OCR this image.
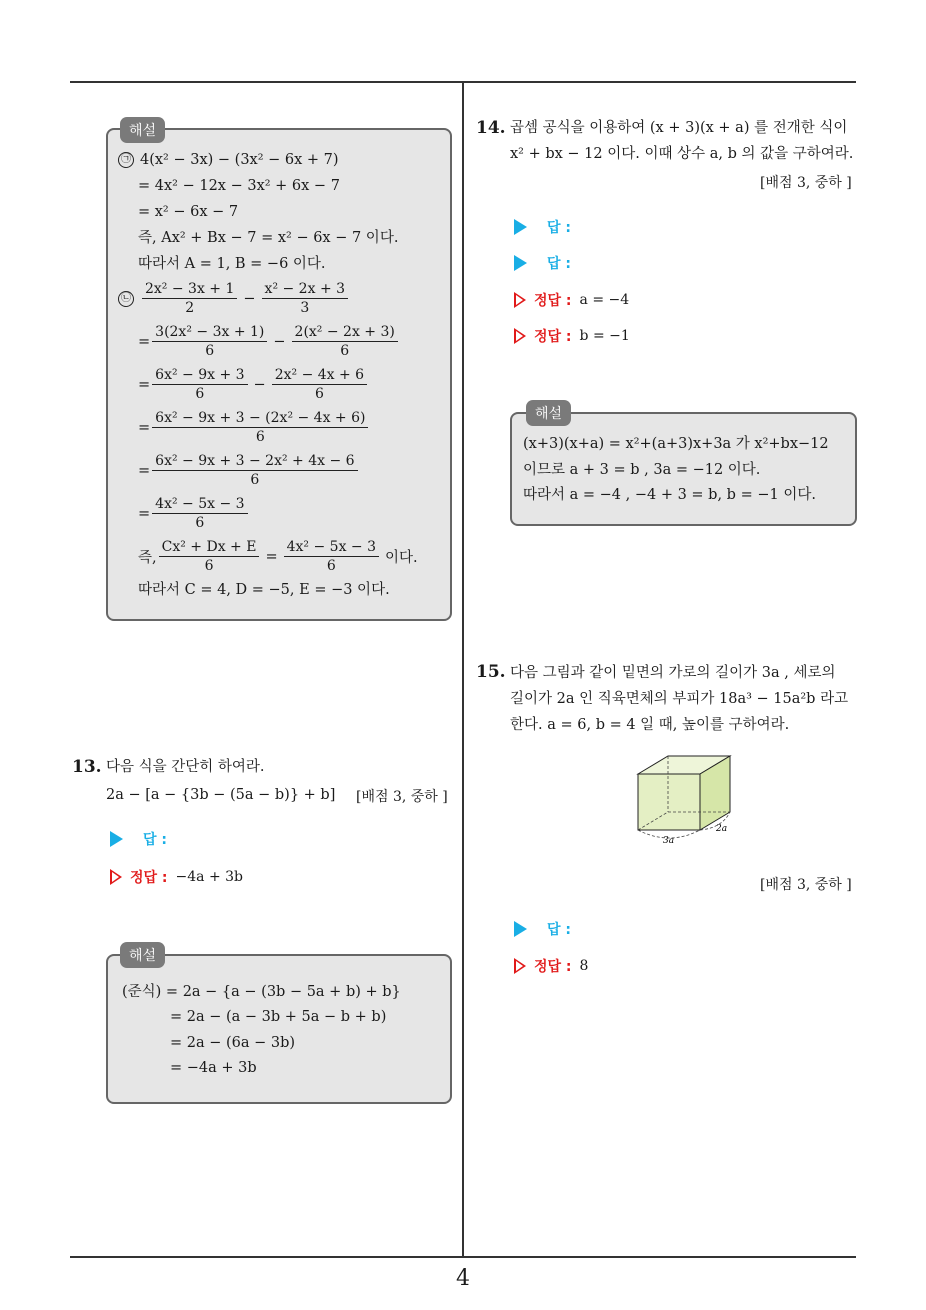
해설
㉠ 4(x² − 3x) − (3x² − 6x + 7)
= 4x² − 12x − 3x² + 6x − 7
= x² − 6x − 7
즉, Ax² + Bx − 7 = x² − 6x − 7 이다.
따라서 A = 1, B = −6 이다.
㉡ $\frac{\text{2x² − 3x + 1}}{2} - \frac{\text{x² − 2x + 3}}{3}$
= $\frac{\text{3(2x² − 3x + 1)}}{6} - \frac{\text{2(x² − 2x + 3)}}{6}$
= $\frac{\text{6x² − 9x + 3}}{6} - \frac{\text{2x² − 4x + 6}}{6}$
= $\frac{\text{6x² − 9x + 3 − (2x² − 4x + 6)}}{6}$
= $\frac{\text{6x² − 9x + 3 − 2x² + 4x − 6}}{6}$
= $\frac{\text{4x² − 5x − 3}}{6}$
즉, $\frac{\text{Cx² + Dx + E}}{6} = \frac{\text{4x² − 5x − 3}}{6}$ 이다.
따라서 C = 4, D = −5, E = −3 이다.
13. 다음 식을 간단히 하여라.
2a − [a − {3b − (5a − b)} + b] [배점 3, 중하 ]
답 :
정답 : −4a + 3b
해설
(준식) = 2a − {a − (3b − 5a + b) + b}
= 2a − (a − 3b + 5a − b + b)
= 2a − (6a − 3b)
= −4a + 3b
14. 곱셈 공식을 이용하여 (x + 3)(x + a) 를 전개한 식이
x² + bx − 12 이다. 이때 상수 a, b 의 값을 구하여라.
[배점 3, 중하 ]
답 :
답 :
정답 : a = −4
정답 : b = −1
해설
(x+3)(x+a) = x²+(a+3)x+3a 가 x²+bx−12
이므로 a + 3 = b , 3a = −12 이다.
따라서 a = −4 , −4 + 3 = b, b = −1 이다.
15. 다음 그림과 같이 밑면의 가로의 길이가 3a , 세로의
길이가 2a 인 직육면체의 부피가 18a³ − 15a²b 라고
한다. a = 6, b = 4 일 때, 높이를 구하여라.
3a
2a
[배점 3, 중하 ]
답 :
정답 : 8
4
